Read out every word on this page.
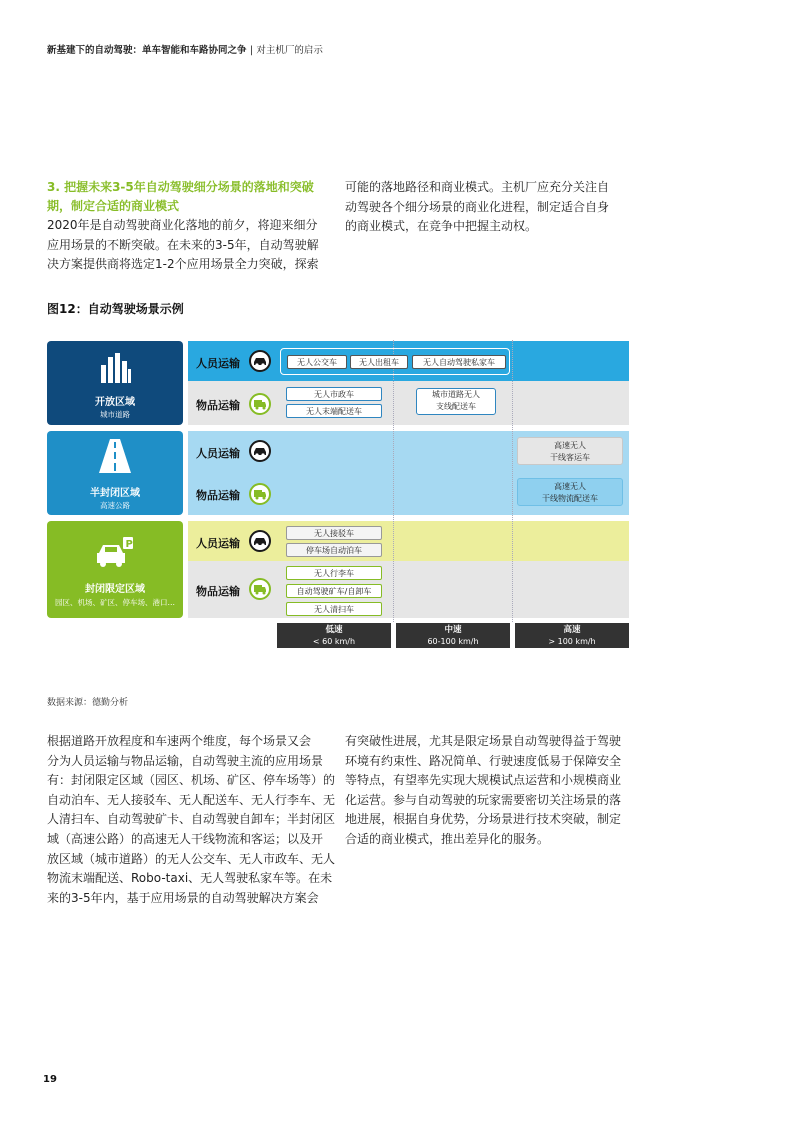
新基建下的自动驾驶：单车智能和车路协同之争 | 对主机厂的启示
3. 把握未来3-5年自动驾驶细分场景的落地和突破
期，制定合适的商业模式

2020年是自动驾驶商业化落地的前夕，将迎来细分

应用场景的不断突破。在未来的3-5年，自动驾驶解

决方案提供商将选定1-2个应用场景全力突破，探索

可能的落地路径和商业模式。主机厂应充分关注自

动驾驶各个细分场景的商业化进程，制定适合自身

的商业模式，在竞争中把握主动权。

图12：自动驾驶场景示例
开放区域
城市道路
半封闭区域
高速公路
P
封闭限定区域
园区、机场、矿区、停车场、港口…
人员运输
物品运输
人员运输
物品运输
人员运输
物品运输
无人公交车	无人出租车	无人自动驾驶私家车
无人市政车
无人末端配送车
城市道路无人
支线配送车
高速无人
干线客运车
高速无人
干线物流配送车
无人接驳车
停车场自动泊车
无人行李车
自动驾驶矿车/自卸车
无人清扫车
低速
< 60 km/h
中速
60-100 km/h
高速
> 100 km/h
数据来源：德勤分析

根据道路开放程度和车速两个维度，每个场景又会

分为人员运输与物品运输，自动驾驶主流的应用场景

有：封闭限定区域（园区、机场、矿区、停车场等）的

自动泊车、无人接驳车、无人配送车、无人行李车、无

人清扫车、自动驾驶矿卡、自动驾驶自卸车；半封闭区

域（高速公路）的高速无人干线物流和客运；以及开

放区域（城市道路）的无人公交车、无人市政车、无人

物流末端配送、Robo-taxi、无人驾驶私家车等。在未

来的3-5年内，基于应用场景的自动驾驶解决方案会

有突破性进展，尤其是限定场景自动驾驶得益于驾驶

环境有约束性、路况简单、行驶速度低易于保障安全

等特点，有望率先实现大规模试点运营和小规模商业

化运营。参与自动驾驶的玩家需要密切关注场景的落

地进展，根据自身优势，分场景进行技术突破，制定

合适的商业模式，推出差异化的服务。

19
